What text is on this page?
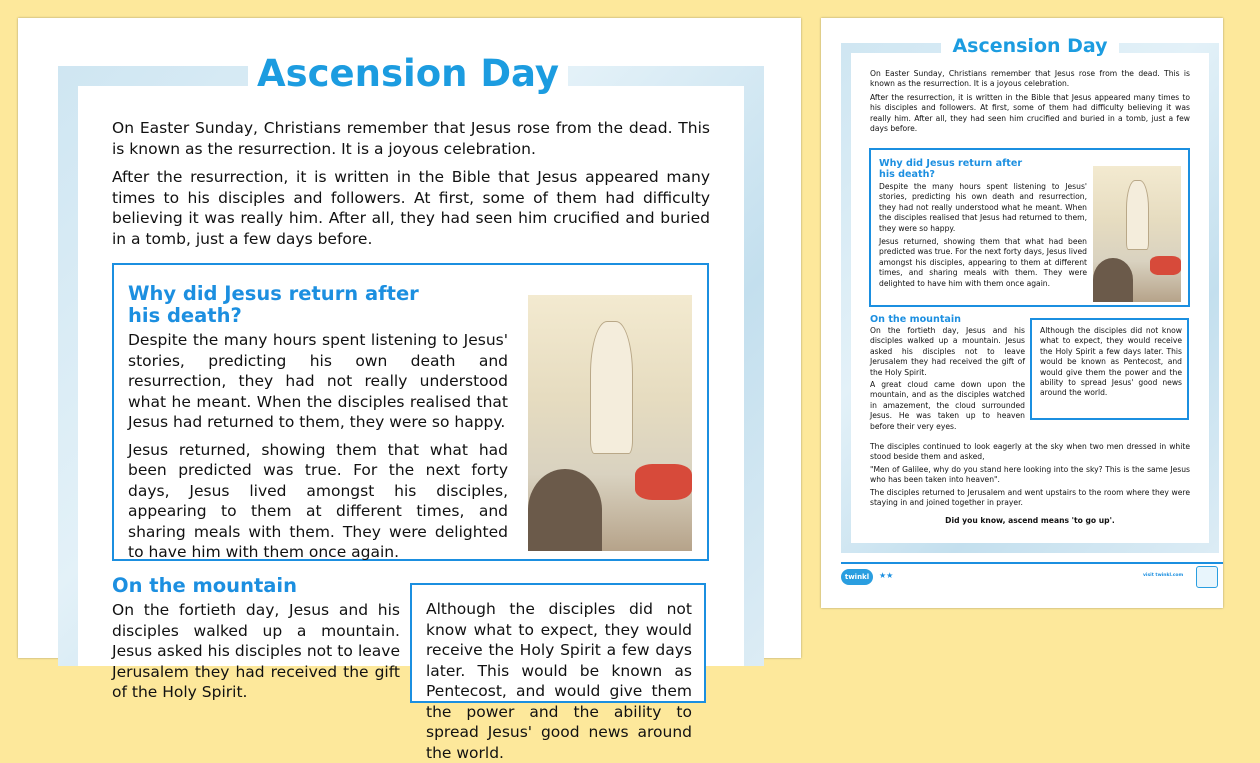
Ascension Day

On Easter Sunday, Christians remember that Jesus rose from the dead. This is known as the resurrection. It is a joyous celebration.

After the resurrection, it is written in the Bible that Jesus appeared many times to his disciples and followers. At first, some of them had difficulty believing it was really him. After all, they had seen him crucified and buried in a tomb, just a few days before.

Why did Jesus return after his death?

Despite the many hours spent listening to Jesus' stories, predicting his own death and resurrection, they had not really understood what he meant. When the disciples realised that Jesus had returned to them, they were so happy.

Jesus returned, showing them that what had been predicted was true. For the next forty days, Jesus lived amongst his disciples, appearing to them at different times, and sharing meals with them. They were delighted to have him with them once again.

On the mountain

On the fortieth day, Jesus and his disciples walked up a mountain. Jesus asked his disciples not to leave Jerusalem they had received the gift of the Holy Spirit.

Although the disciples did not know what to expect, they would receive the Holy Spirit a few days later. This would be known as Pentecost, and would give them the power and the ability to spread Jesus' good news around the world.

Ascension Day

On Easter Sunday, Christians remember that Jesus rose from the dead. This is known as the resurrection. It is a joyous celebration.

After the resurrection, it is written in the Bible that Jesus appeared many times to his disciples and followers. At first, some of them had difficulty believing it was really him. After all, they had seen him crucified and buried in a tomb, just a few days before.

Why did Jesus return after his death?

Despite the many hours spent listening to Jesus' stories, predicting his own death and resurrection, they had not really understood what he meant. When the disciples realised that Jesus had returned to them, they were so happy.

Jesus returned, showing them that what had been predicted was true. For the next forty days, Jesus lived amongst his disciples, appearing to them at different times, and sharing meals with them. They were delighted to have him with them once again.

On the mountain

On the fortieth day, Jesus and his disciples walked up a mountain. Jesus asked his disciples not to leave Jerusalem they had received the gift of the Holy Spirit.

A great cloud came down upon the mountain, and as the disciples watched in amazement, the cloud surrounded Jesus. He was taken up to heaven before their very eyes.

Although the disciples did not know what to expect, they would receive the Holy Spirit a few days later. This would be known as Pentecost, and would give them the power and the ability to spread Jesus' good news around the world.

The disciples continued to look eagerly at the sky when two men dressed in white stood beside them and asked,

"Men of Galilee, why do you stand here looking into the sky? This is the same Jesus who has been taken into heaven".

The disciples returned to Jerusalem and went upstairs to the room where they were staying in and joined together in prayer.

Did you know, ascend means 'to go up'.

twinkl	★★	visit twinkl.com
